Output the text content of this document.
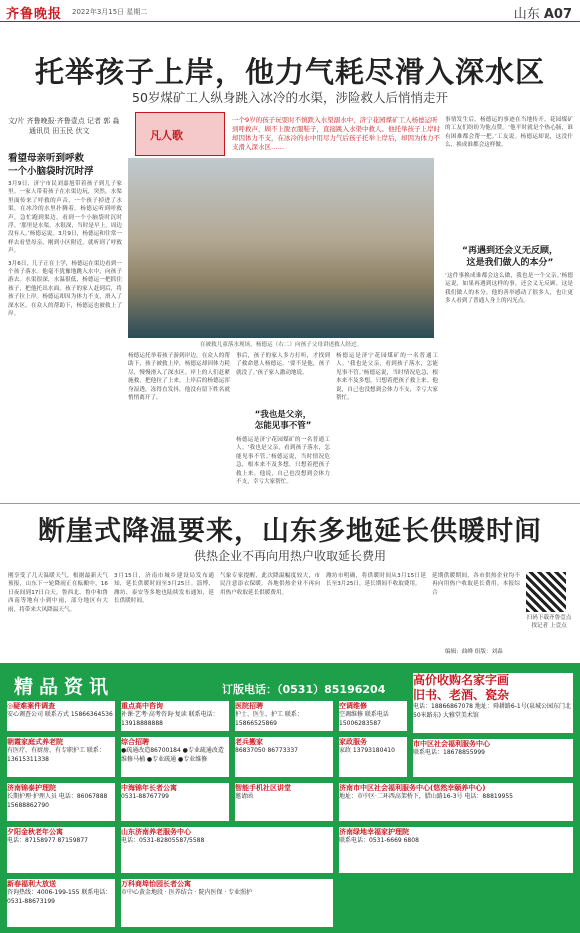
齐鲁晚报 2022年3月15日 星期二	山东 A07
托举孩子上岸，他力气耗尽滑入深水区
50岁煤矿工人纵身跳入冰冷的水渠，涉险救人后悄悄走开
文/片 齐鲁晚报·齐鲁壹点 记者 郭 淼
　　　通讯员 田玉民 伏文	凡人歌
一个9岁的孩子玩耍时不慎跌入水渠溺水中，济宁花园煤矿工人杨德运听到呼救声，顾不上脱衣服鞋子，直接跳入水渠中救人。他托举孩子上岸时却因体力不支，在冰冷的水中用尽力气后孩子托举上岸后，却因为体力不支滑入深水区……
看望母亲听到呼救
一个小脑袋时沉时浮
3月9日，济宁市民刘嘉旭带着孩子到儿子家里。一家人带着孩子在水渠边玩，突然，水渠里面传来了呼救的声音，一个孩子掉进了水渠，在冰冷的水里扑腾着。杨德运听到呼救声，急忙跑到渠边，看到一个小脑袋时沉时浮。‘那里是水渠，水很深，当时是早上，周边没有人。’杨德运说。3月9日，杨德运和往常一样去看望母亲，刚到小区附近，就听到了呼救声。
3月6日，儿子正在上学，杨德运在渠边看到一个孩子落水。他毫不犹豫地跳入水中，向孩子游去。水渠很深，水温很低，杨德运一把抓住孩子，把他托出水面。孩子的家人赶到后，将孩子拉上岸。杨德运却因为体力不支，滑入了深水区。在众人的帮助下，杨德运也被救上了岸。
在被救儿童落水现场，杨德运（右二）向孩子父母讲述救人经过。
杨德运托举着孩子游到岸边，在众人的帮助下，孩子被救上岸，杨德运却因体力耗尽，慢慢滑入了深水区。岸上的人们赶紧施救，把他拉了上来。上岸后的杨德运浑身湿透，冻得直发抖，他没有留下姓名就悄悄离开了。
事后，孩子的家人多方打听，才找到了救命恩人杨德运。‘要不是他，孩子就没了。’孩子家人激动地说。
“我也是父亲，
怎能见事不管”
杨德运是济宁花园煤矿的一名普通工人。‘我也是父亲，看到孩子落水，怎能见事不管。’杨德运说，当时情况危急，根本来不及多想，只想着把孩子救上来。他说，自己也没想到会体力不支，幸亏大家帮忙。
杨德运是济宁花园煤矿的一名普通工人。‘我也是父亲，看到孩子落水，怎能见事不管。’杨德运说，当时情况危急，根本来不及多想，只想着把孩子救上来。他说，自己也没想到会体力不支，幸亏大家帮忙。
事情发生后，杨德运的事迹在当地传开。花园煤矿的工友们纷纷为他点赞。‘他平时就是个热心肠，谁有困难都会帮一把。’工友说。杨德运却说，这没什么，换成谁都会这样做。
“再遇到还会义无反顾，
这是我们做人的本分”
‘这件事换成谁都会这么做，我也是一个父亲。’杨德运说，如果再遇到这样的事，还会义无反顾。这是我们做人的本分。他的善举感动了很多人，也让更多人看到了普通人身上的闪光点。
断崖式降温要来，山东多地延长供暖时间
供热企业不再向用热户收取延长费用
刚享受了几天温暖天气，根据最新天气预报，山东下一轮降雨正在酝酿中，16日夜间到17日白天，鲁西北、鲁中和鲁西南等地有小到中雨，部分地区有大雨，将带来大风降温天气。
3月15日，济南市城乡建设局发布通知，延长供暖时间至3月25日。淄博、潍坊、泰安等多地也陆续发布通知，延长供暖时间。
气象专家提醒，此次降温幅度较大，市民注意添衣保暖。各地供热企业不再向用热户收取延长供暖费用。
潍坊市明确，将供暖时间从3月15日延长至3月25日，延长期间不收取费用。
延期供暖期间，各市供热企业均不再向用热户收取延长费用。本报综合
扫码下载齐鲁壹点
找记者 上壹点
编辑：曲峰 组版：刘森
精品资讯	订版电话：（0531）85196204
◎疑难案件调查
安心调查公司 联系方式 15866364536
重点高中咨询
补课·艺考·高考咨询·复读 联系电话：13918888888
医院招聘
护士、医生、护工 联系：15866525869
空调维修
空调维修 联系电话15006283587
高价收购名家字画
旧书、老酒、瓷杂
电话：18866867078 地址：舜耕路6-1号(泉城公园东门北50米路东) 大雅堂美术馆
朝霞家庭式养老院
有医疗、有厨房、有专职护工 联系：13615311338
综合招聘
●疏通改造86700184 ●专业疏通改造维修马桶 ●专业疏通 ●专业维修
老兵搬家
86837050 86773337
家政服务
家政 13793180410
市中区社会福利服务中心
联系电话：18678855999
济南锦泰护理院
长期护理·护理人员 电话：86067888 15688862790
中海锦年长者公寓
0531-88767799
智能手机社区讲堂
邀请函
济南市中区社会福利服务中心(悠然幸颐养中心)
地址：市中区·二环西高架桥下，腊山路16-3号 电话：88819955
夕阳金秋老年公寓
电话：87158977 87159877
山东济南养老服务中心
电话：0531-82805587/5588
济南绿地幸福家护理院
联系电话：0531-6669 6808
万科商埠怡园长者公寓
市中心黄金地段 · 医养结合 · 院内医保 · 专业照护
新春福利大放送
咨询热线：4006-199-155 联系电话：0531-88673199
